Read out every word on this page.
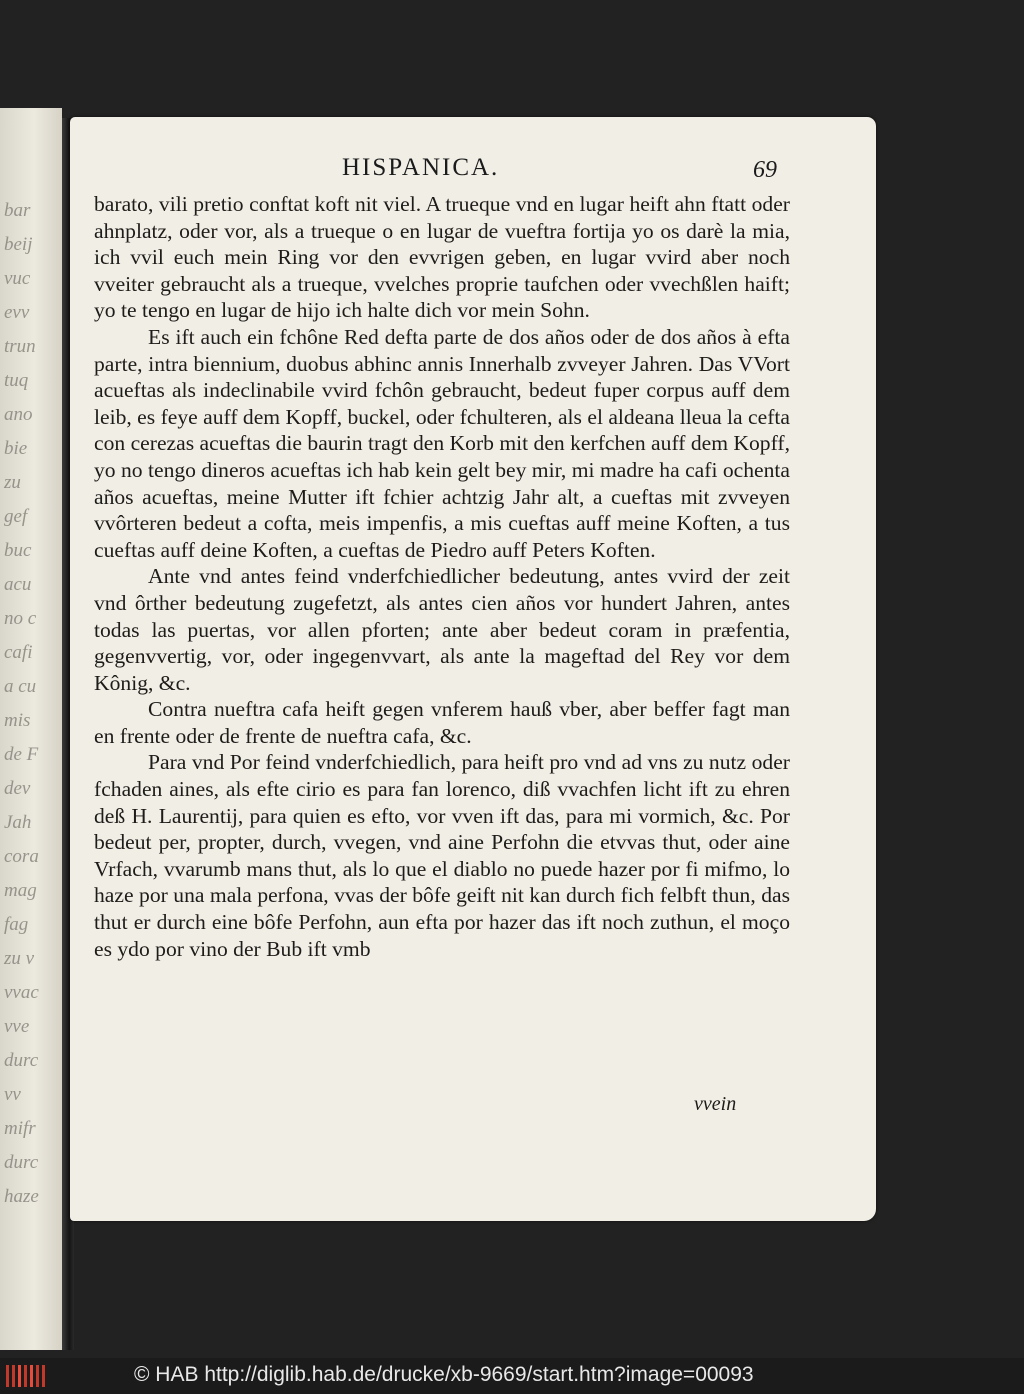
bar
beij
vuc
evv
trun
tuq
ano
bie
zu
gef
buc
acu
no c
cafi
a cu
mis
de F
dev
Jah
cora
mag
fag
zu v
vvac
vve
durc
vv
mifr
durc
haze
HISPANICA.	69

barato, vili pretio conftat koft nit viel. A trueque vnd en lugar heift ahn ftatt oder ahnplatz, oder vor, als a trueque o en lugar de vueftra fortija yo os darè la mia, ich vvil euch mein Ring vor den evvrigen geben, en lugar vvird aber noch vveiter gebraucht als a trueque, vvelches proprie taufchen oder vvechßlen haift; yo te tengo en lugar de hijo ich halte dich vor mein Sohn.

Es ift auch ein fchône Red defta parte de dos años oder de dos años à efta parte, intra biennium, duobus abhinc annis Innerhalb zvveyer Jahren. Das VVort acueftas als indeclinabile vvird fchôn gebraucht, bedeut fuper corpus auff dem leib, es feye auff dem Kopff, buckel, oder fchulteren, als el aldeana lleua la cefta con cerezas acueftas die baurin tragt den Korb mit den kerfchen auff dem Kopff, yo no tengo dineros acueftas ich hab kein gelt bey mir, mi madre ha cafi ochenta años acueftas, meine Mutter ift fchier achtzig Jahr alt, a cueftas mit zvveyen vvôrteren bedeut a cofta, meis impenfis, a mis cueftas auff meine Koften, a tus cueftas auff deine Koften, a cueftas de Piedro auff Peters Koften.

Ante vnd antes feind vnderfchiedlicher bedeutung, antes vvird der zeit vnd ôrther bedeutung zugefetzt, als antes cien años vor hundert Jahren, antes todas las puertas, vor allen pforten; ante aber bedeut coram in præfentia, gegenvvertig, vor, oder ingegenvvart, als ante la mageftad del Rey vor dem Kônig, &c.

Contra nueftra cafa heift gegen vnferem hauß vber, aber beffer fagt man en frente oder de frente de nueftra cafa, &c.

Para vnd Por feind vnderfchiedlich, para heift pro vnd ad vns zu nutz oder fchaden aines, als efte cirio es para fan lorenco, diß vvachfen licht ift zu ehren deß H. Laurentij, para quien es efto, vor vven ift das, para mi vormich, &c. Por bedeut per, propter, durch, vvegen, vnd aine Perfohn die etvvas thut, oder aine Vrfach, vvarumb mans thut, als lo que el diablo no puede hazer por fi mifmo, lo haze por una mala perfona, vvas der bôfe geift nit kan durch fich felbft thun, das thut er durch eine bôfe Perfohn, aun efta por hazer das ift noch zuthun, el moço es ydo por vino der Bub ift vmb

vvein
© HAB http://diglib.hab.de/drucke/xb-9669/start.htm?image=00093
